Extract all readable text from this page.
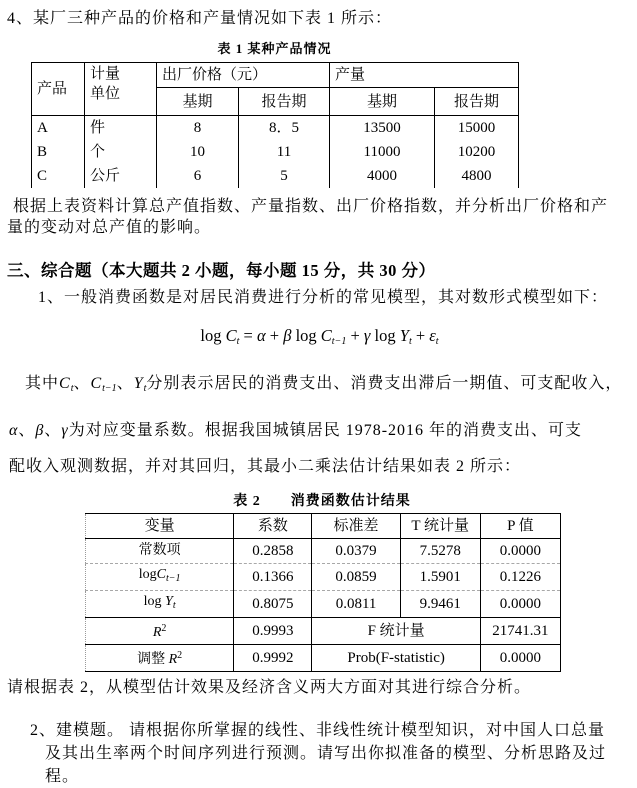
4、某厂三种产品的价格和产量情况如下表 1 所示：
表 1 某种产品情况
产品	计量
单位	出厂价格（元）		产量	
		基期	报告期	基期	报告期
A	件	8	8．5	13500	15000
B	个	10	11	11000	10200
C	公斤	6	5	4000	4800
根据上表资料计算总产值指数、产量指数、出厂价格指数，并分析出厂价格和产
量的变动对总产值的影响。
三、综合题（本大题共 2 小题，每小题 15 分，共 30 分）
1、一般消费函数是对居民消费进行分析的常见模型，其对数形式模型如下：
$\log C_t = \alpha + \beta$ $\log C_{t-1} + \gamma$ $\log Y_t + \varepsilon_t$
其中$C_t$、$C_{t-1}$、$Y_t$分别表示居民的消费支出、消费支出滞后一期值、可支配收入，
α、β、γ为对应变量系数。根据我国城镇居民 1978-2016 年的消费支出、可支
配收入观测数据，并对其回归，其最小二乘法估计结果如表 2 所示：
表 2　　消费函数估计结果
变量	系数	标准差	T 统计量	P 值
常数项	0.2858	0.0379	7.5278	0.0000
logC$_{t-1}$	0.1366	0.0859	1.5901	0.1226
$\log Y_t$	0.8075	0.0811	9.9461	0.0000
$R^2$	0.9993	F 统计量		21741.31
调整 $R^2$	0.9992	Prob(F-statistic)		0.0000
请根据表 2，从模型估计效果及经济含义两大方面对其进行综合分析。
2、建模题。 请根据你所掌握的线性、非线性统计模型知识，对中国人口总量
及其出生率两个时间序列进行预测。请写出你拟准备的模型、分析思路及过
程。
